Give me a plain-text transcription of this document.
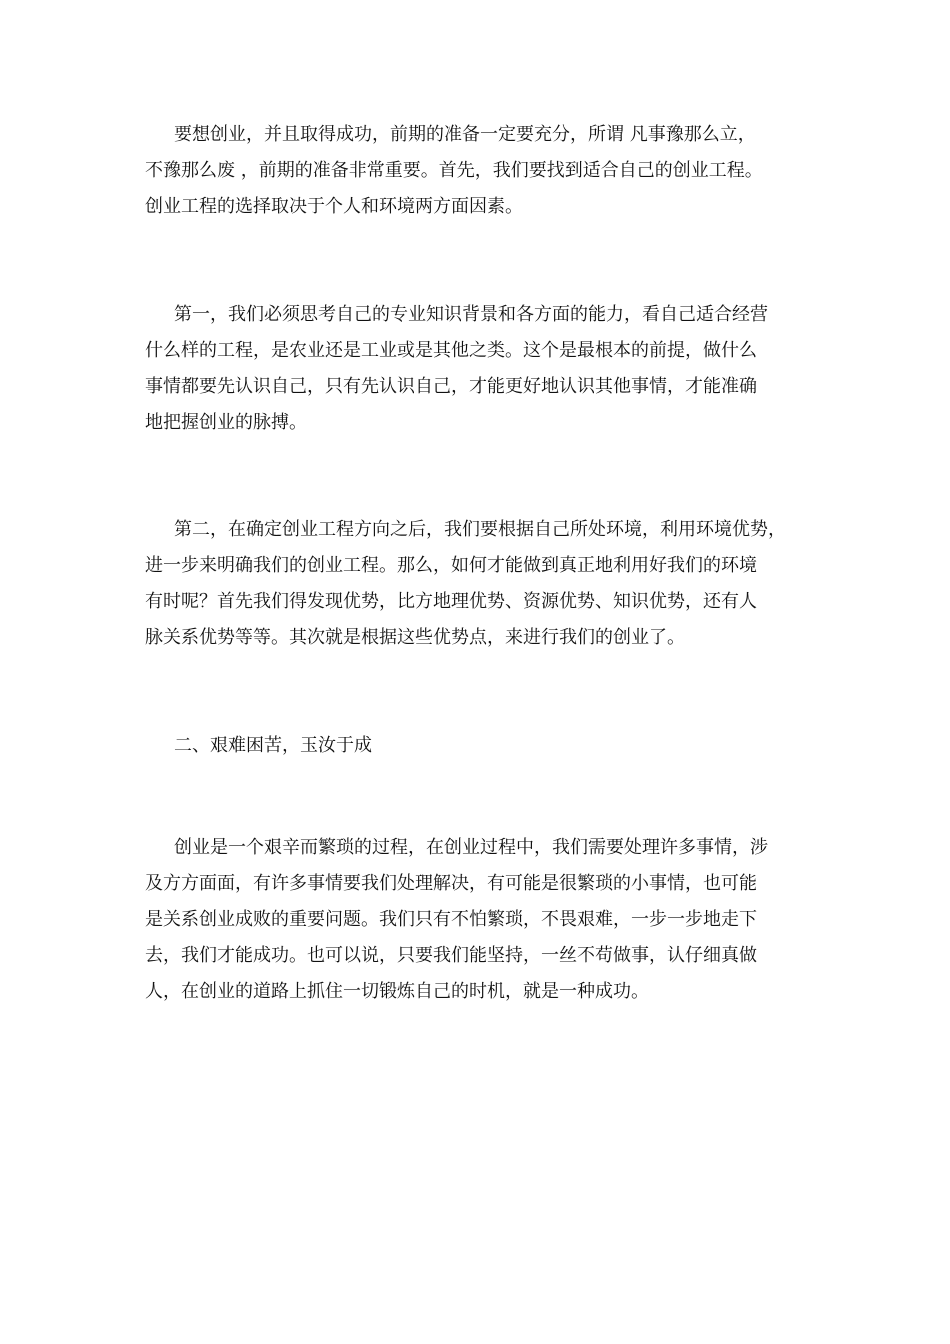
要想创业，并且取得成功，前期的准备一定要充分，所谓 凡事豫那么立，
不豫那么废 ，前期的准备非常重要。首先，我们要找到适合自己的创业工程。
创业工程的选择取决于个人和环境两方面因素。

第一，我们必须思考自己的专业知识背景和各方面的能力，看自己适合经营
什么样的工程，是农业还是工业或是其他之类。这个是最根本的前提，做什么
事情都要先认识自己，只有先认识自己，才能更好地认识其他事情，才能准确
地把握创业的脉搏。

第二，在确定创业工程方向之后，我们要根据自己所处环境，利用环境优势，
进一步来明确我们的创业工程。那么，如何才能做到真正地利用好我们的环境
有时呢？首先我们得发现优势，比方地理优势、资源优势、知识优势，还有人
脉关系优势等等。其次就是根据这些优势点，来进行我们的创业了。

二、艰难困苦，玉汝于成

创业是一个艰辛而繁琐的过程，在创业过程中，我们需要处理许多事情，涉
及方方面面，有许多事情要我们处理解决，有可能是很繁琐的小事情，也可能
是关系创业成败的重要问题。我们只有不怕繁琐，不畏艰难，一步一步地走下
去，我们才能成功。也可以说，只要我们能坚持，一丝不苟做事，认仔细真做
人，在创业的道路上抓住一切锻炼自己的时机，就是一种成功。
